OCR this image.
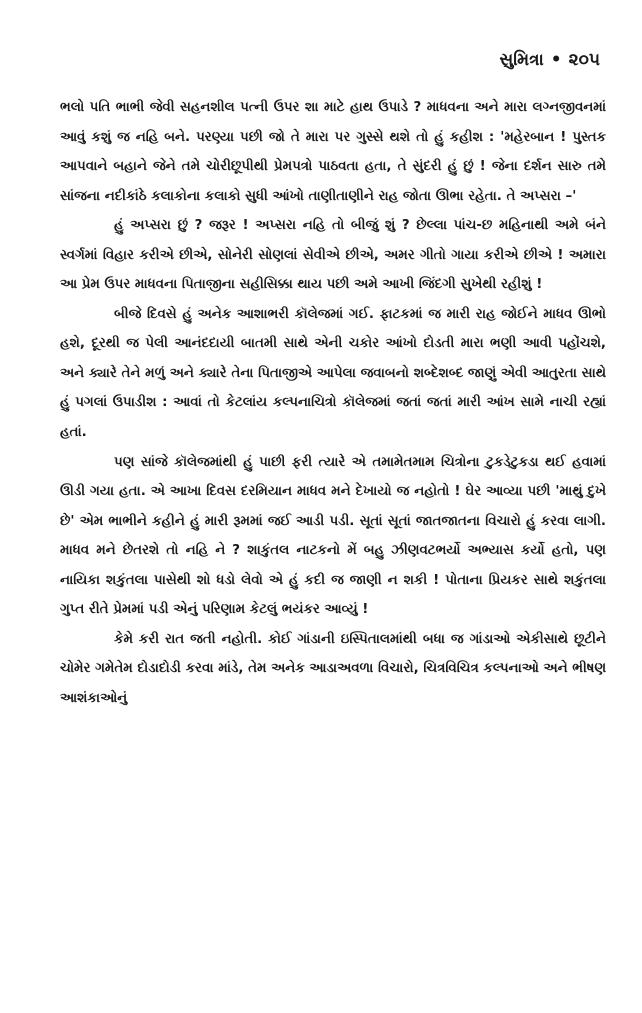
સુમિત્રા • ૨૦૫

ભલો પતિ ભાભી જેવી સહનશીલ પત્ની ઉપર શા માટે હાથ ઉપાડે ? માધવના અને મારા લગ્નજીવનમાં આવું કશું જ નહિ બને. પરણ્યા પછી જો તે મારા પર ગુસ્સે થશે તો હું કહીશ : 'મહેરબાન ! પુસ્તક આપવાને બહાને જેને તમે ચોરીછૂપીથી પ્રેમપત્રો પાઠવતા હતા, તે સુંદરી હું છું ! જેના દર્શન સારુ તમે સાંજના નદીકાંઠે કલાકોના કલાકો સુધી આંખો તાણીતાણીને રાહ જોતા ઊભા રહેતા. તે અપ્સરા –'

હું અપ્સરા છું ? જરૂર ! અપ્સરા નહિ તો બીજું શું ? છેલ્લા પાંચ-છ મહિનાથી અમે બંને સ્વર્ગમાં વિહાર કરીએ છીએ, સોનેરી સોણલાં સેવીએ છીએ, અમર ગીતો ગાયા કરીએ છીએ ! અમારા આ પ્રેમ ઉપર માધવના પિતાજીના સહીસિક્કા થાય પછી અમે આખી જિંદગી સુખેથી રહીશું !

બીજે દિવસે હું અનેક આશાભરી કૉલેજમાં ગઈ. ફાટકમાં જ મારી રાહ જોઈને માધવ ઊભો હશે, દૂરથી જ પેલી આનંદદાયી બાતમી સાથે એની ચકોર આંખો દોડતી મારા ભણી આવી પહોંચશે, અને ક્યારે તેને મળું અને ક્યારે તેના પિતાજીએ આપેલા જવાબનો શબ્દેશબ્દ જાણું એવી આતુરતા સાથે હું પગલાં ઉપાડીશ : આવાં તો કેટલાંય કલ્પનાચિત્રો કૉલેજમાં જતાં જતાં મારી આંખ સામે નાચી રહ્યાં હતાં.

પણ સાંજે કૉલેજમાંથી હું પાછી ફરી ત્યારે એ તમામેતમામ ચિત્રોના ટુકડેટુકડા થઈ હવામાં ઊડી ગયા હતા. એ આખા દિવસ દરમિયાન માધવ મને દેખાયો જ નહોતો ! ઘેર આવ્યા પછી 'માથું દુખે છે' એમ ભાભીને કહીને હું મારી રૂમમાં જઈ આડી પડી. સૂતાં સૂતાં જાતજાતના વિચારો હું કરવા લાગી. માધવ મને છેતરશે તો નહિ ને ? શાકુંતલ નાટકનો મેં બહુ ઝીણવટભર્યો અભ્યાસ કર્યો હતો, પણ નાયિકા શકુંતલા પાસેથી શો ધડો લેવો એ હું કદી જ જાણી ન શકી ! પોતાના પ્રિયકર સાથે શકુંતલા ગુપ્ત રીતે પ્રેમમાં પડી એનું પરિણામ કેટલું ભયંકર આવ્યું !

કેમે કરી રાત જતી નહોતી. કોઈ ગાંડાની ઇસ્પિતાલમાંથી બધા જ ગાંડાઓ એકીસાથે છૂટીને ચોમેર ગમેતેમ દોડાદોડી કરવા માંડે, તેમ અનેક આડાઅવળા વિચારો, ચિત્રવિચિત્ર કલ્પનાઓ અને ભીષણ આશંકાઓનું
